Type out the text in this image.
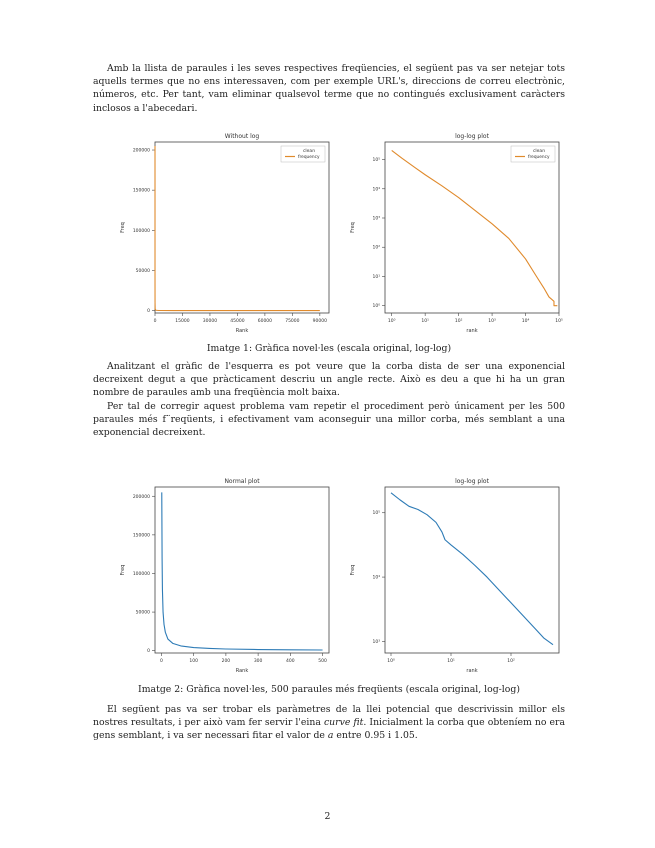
Amb la llista de paraules i les seves respectives freqüencies, el següent pas va ser netejar tots aquells termes que no ens interessaven, com per exemple URL's, direccions de correu electrònic, números, etc. Per tant, vam eliminar qualsevol terme que no contingués exclusivament caràcters inclosos a l'abecedari.

Without log
0	15000	30000	45000	60000	75000	90000
0
50000
100000
150000
200000
Rank
Freq
clean
frequency
log-log plot
10⁰	10¹	10²	10³	10⁴	10⁵
10⁰
10¹
10²
10³
10⁴
10⁵
rank
Freq
clean
frequency
Imatge 1: Gràfica novel·les (escala original, log-log)

Analitzant el gràfic de l'esquerra es pot veure que la corba dista de ser una exponencial decreixent degut a que pràcticament descriu un angle recte. Això es deu a que hi ha un gran nombre de paraules amb una freqüència molt baixa.

Per tal de corregir aquest problema vam repetir el procediment però únicament per les 500 paraules més f¨reqüents, i efectivament vam aconseguir una millor corba, més semblant a una exponencial decreixent.

Normal plot
0	100	200	300	400	500
0
50000
100000
150000
200000
Rank
Freq
log-log plot
10⁰	10¹	10²
10³
10⁴
10⁵
rank
Freq
Imatge 2: Gràfica novel·les, 500 paraules més freqüents (escala original, log-log)

El següent pas va ser trobar els paràmetres de la llei potencial que descrivissin millor els nostres resultats, i per això vam fer servir l'eina curve fit. Inicialment la corba que obteníem no era gens semblant, i va ser necessari fitar el valor de a entre 0.95 i 1.05.

2
